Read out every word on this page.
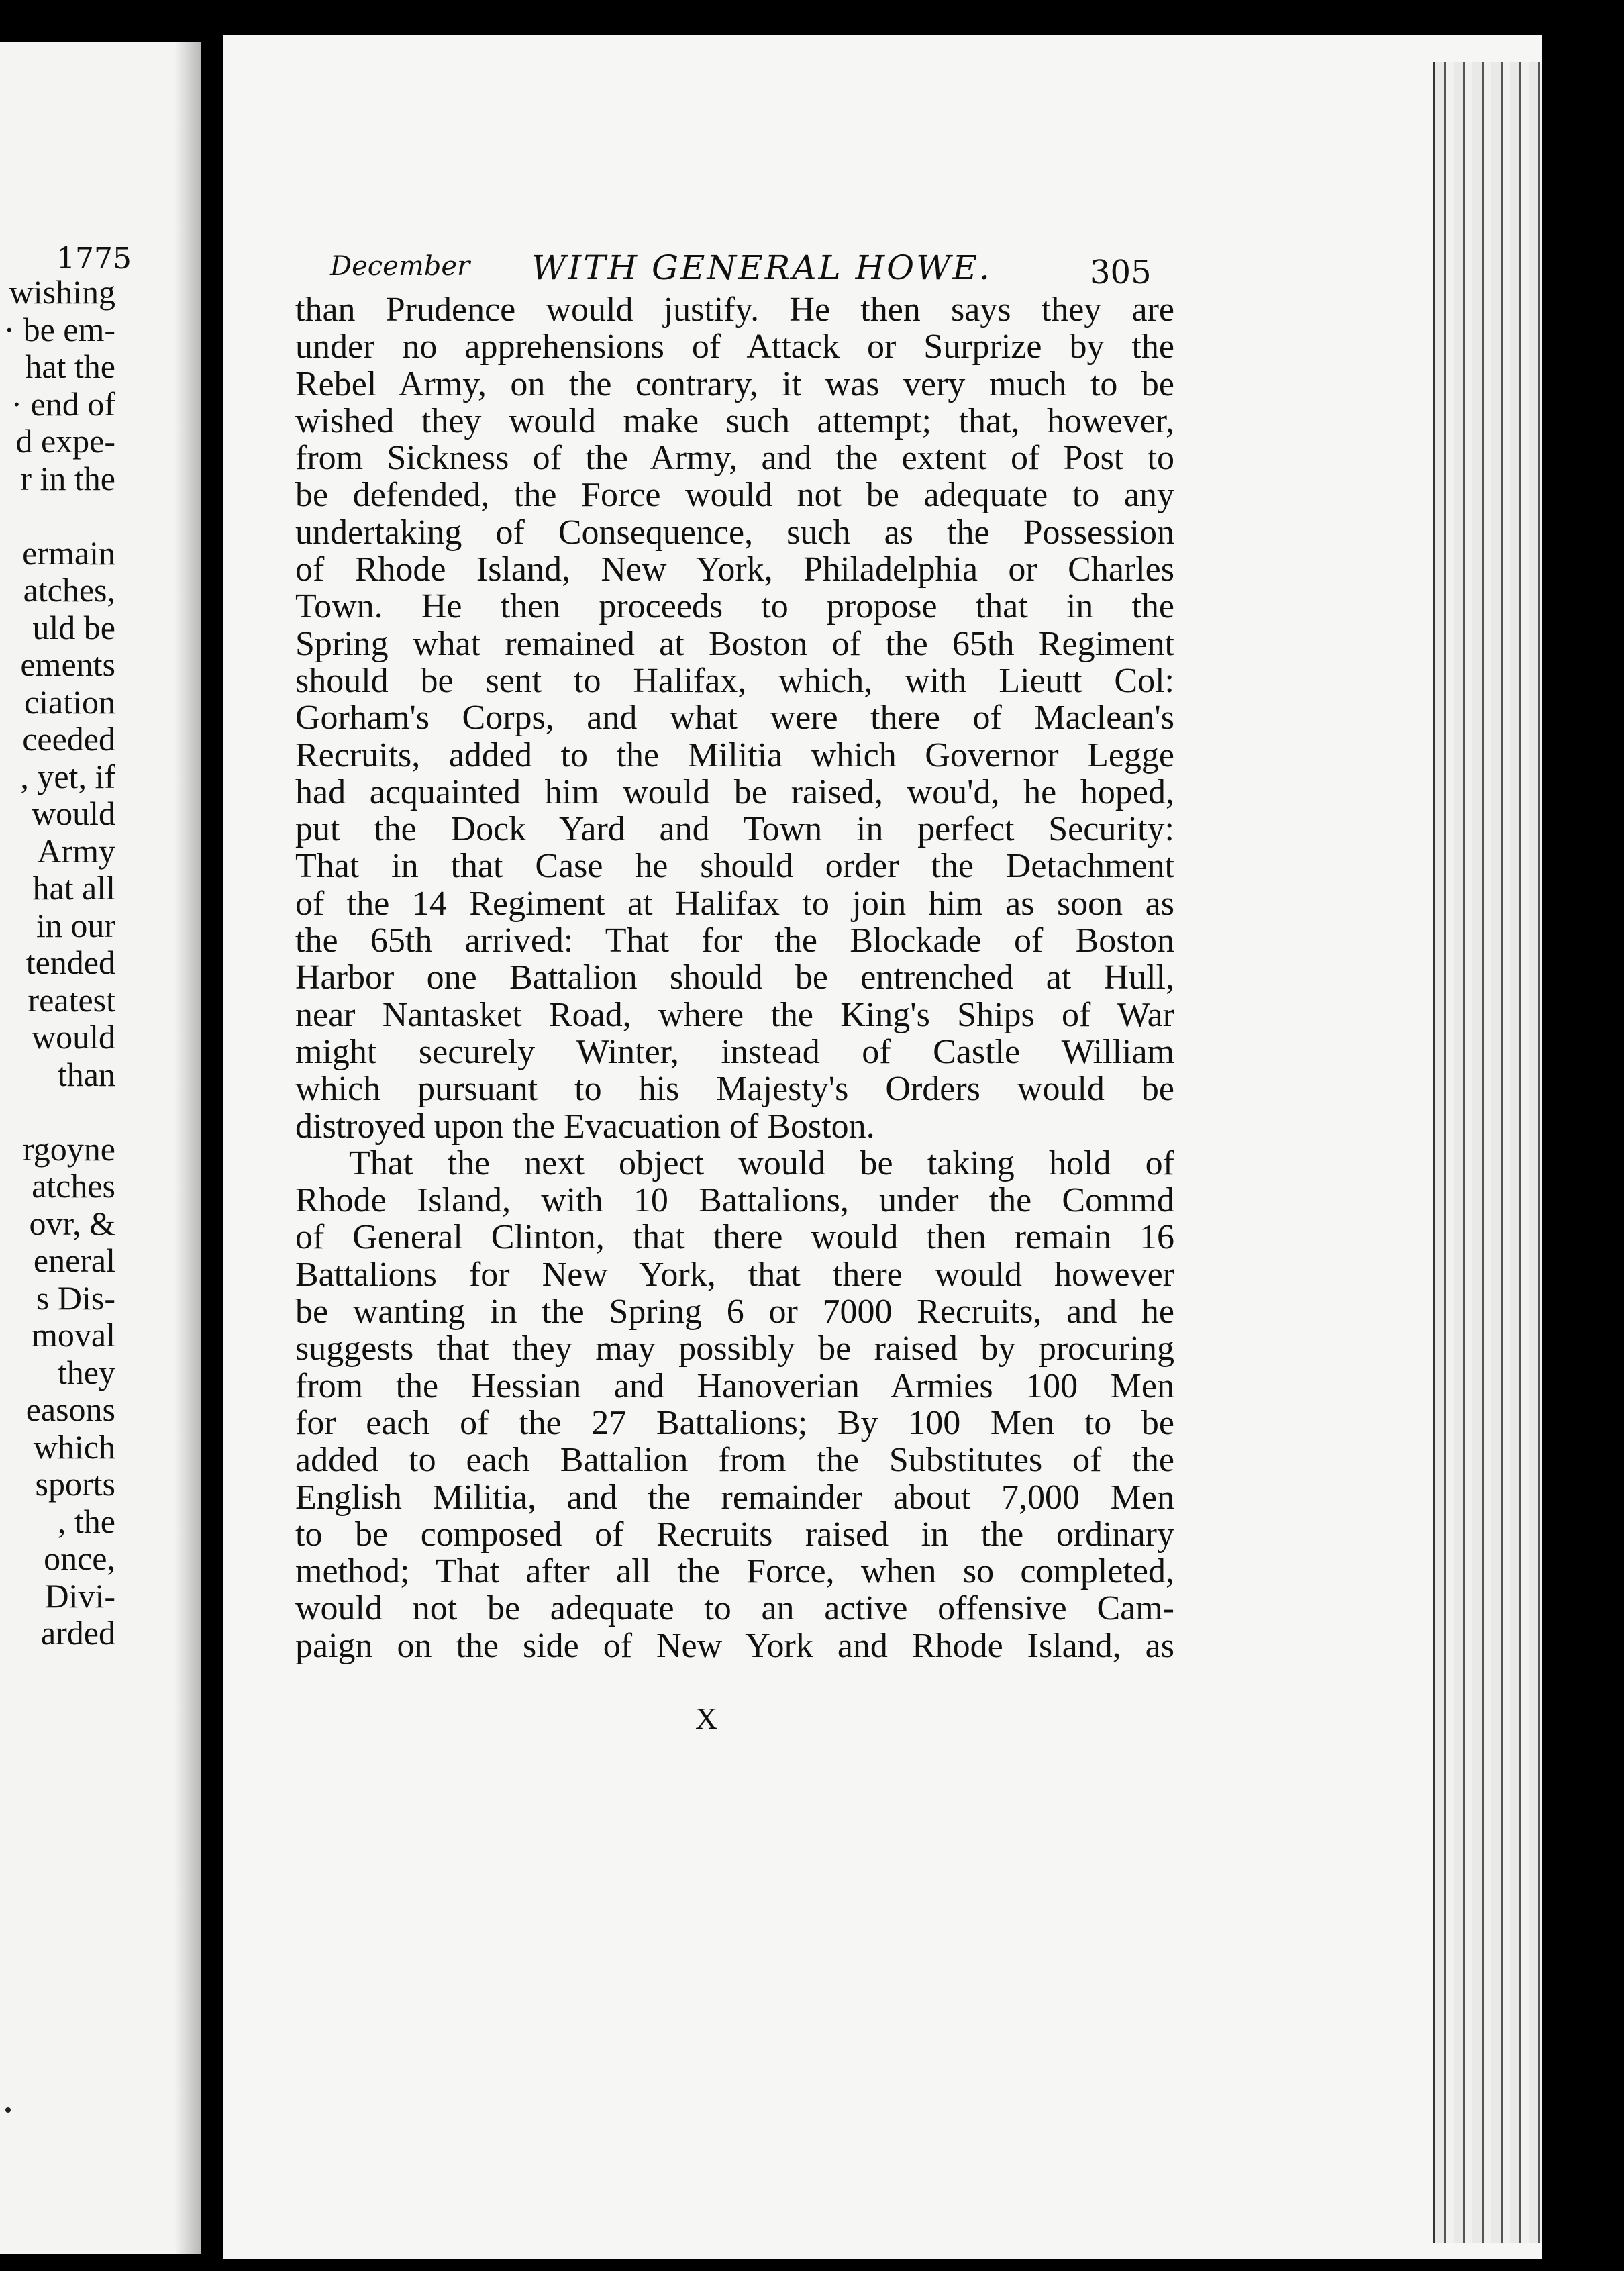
1775
wishing
· be em-
hat the
· end of
d expe-
r in the
ermain
atches,
uld be
ements
ciation
ceeded
, yet, if
would
Army
hat all
in our
tended
reatest
would
than
rgoyne
atches
ovr, &
eneral
s Dis-
moval
they
easons
which
sports
, the
once,
Divi-
arded
December WITH GENERAL HOWE.	305
than Prudence would justify. He then says they are
under no apprehensions of Attack or Surprize by the
Rebel Army, on the contrary, it was very much to be
wished they would make such attempt; that, however,
from Sickness of the Army, and the extent of Post to
be defended, the Force would not be adequate to any
undertaking of Consequence, such as the Possession
of Rhode Island, New York, Philadelphia or Charles
Town. He then proceeds to propose that in the
Spring what remained at Boston of the 65th Regiment
should be sent to Halifax, which, with Lieutt Col:
Gorham's Corps, and what were there of Maclean's
Recruits, added to the Militia which Governor Legge
had acquainted him would be raised, wou'd, he hoped,
put the Dock Yard and Town in perfect Security:
That in that Case he should order the Detachment
of the 14 Regiment at Halifax to join him as soon as
the 65th arrived: That for the Blockade of Boston
Harbor one Battalion should be entrenched at Hull,
near Nantasket Road, where the King's Ships of War
might securely Winter, instead of Castle William
which pursuant to his Majesty's Orders would be
distroyed upon the Evacuation of Boston.
That the next object would be taking hold of
Rhode Island, with 10 Battalions, under the Commd
of General Clinton, that there would then remain 16
Battalions for New York, that there would however
be wanting in the Spring 6 or 7000 Recruits, and he
suggests that they may possibly be raised by procuring
from the Hessian and Hanoverian Armies 100 Men
for each of the 27 Battalions; By 100 Men to be
added to each Battalion from the Substitutes of the
English Militia, and the remainder about 7,000 Men
to be composed of Recruits raised in the ordinary
method; That after all the Force, when so completed,
would not be adequate to an active offensive Cam-
paign on the side of New York and Rhode Island, as
X
